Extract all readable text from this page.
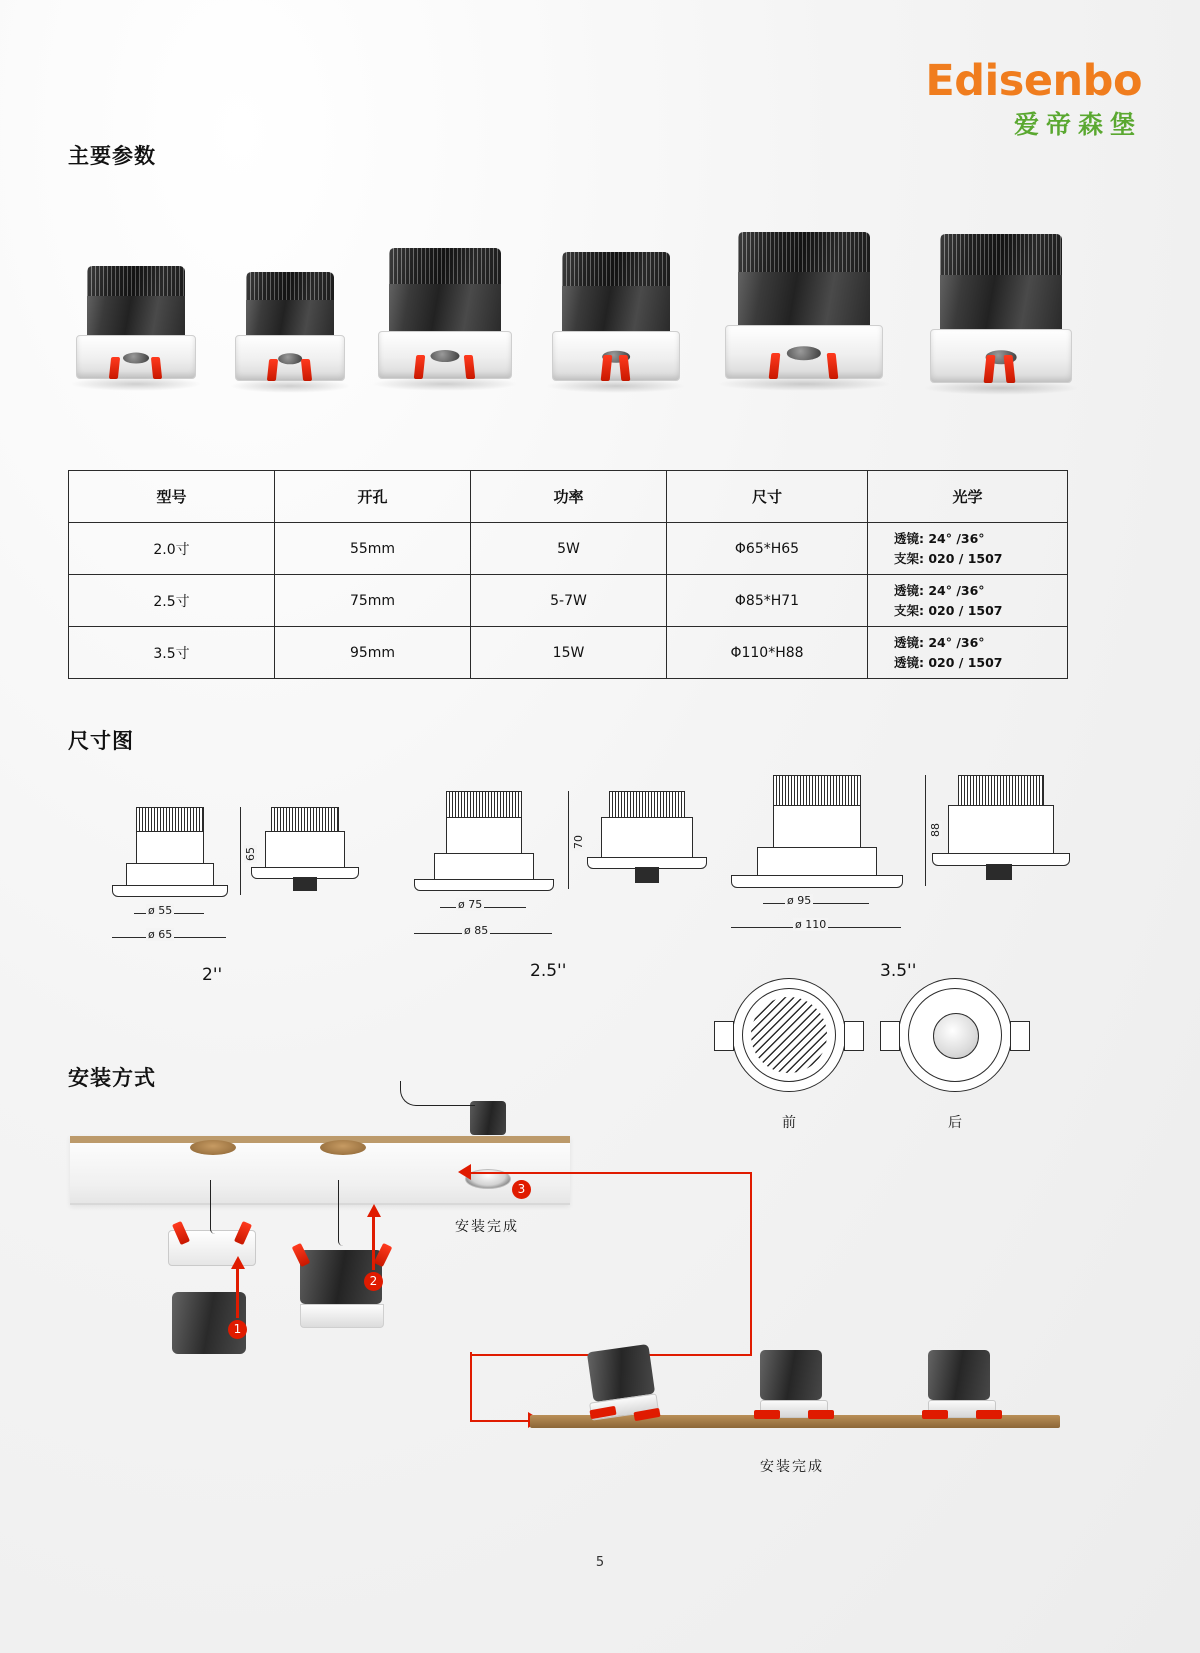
Edisenbo
爱帝森堡
主要参数
尺寸图
安装方式
型号	开孔	功率	尺寸	光学
2.0寸	55mm	5W	Φ65*H65	透镜: 24° /36°
支架: 020 / 1507

2.5寸	75mm	5-7W	Φ85*H71	透镜: 24° /36°
支架: 020 / 1507

3.5寸	95mm	15W	Φ110*H88	透镜: 24° /36°
透镜: 020 / 1507
65
ø 55
ø 65
2''
70
ø 75
ø 85
2.5''
88
ø 95
ø 110
3.5''
前	后
1
2
3
安装完成
安装完成
5
